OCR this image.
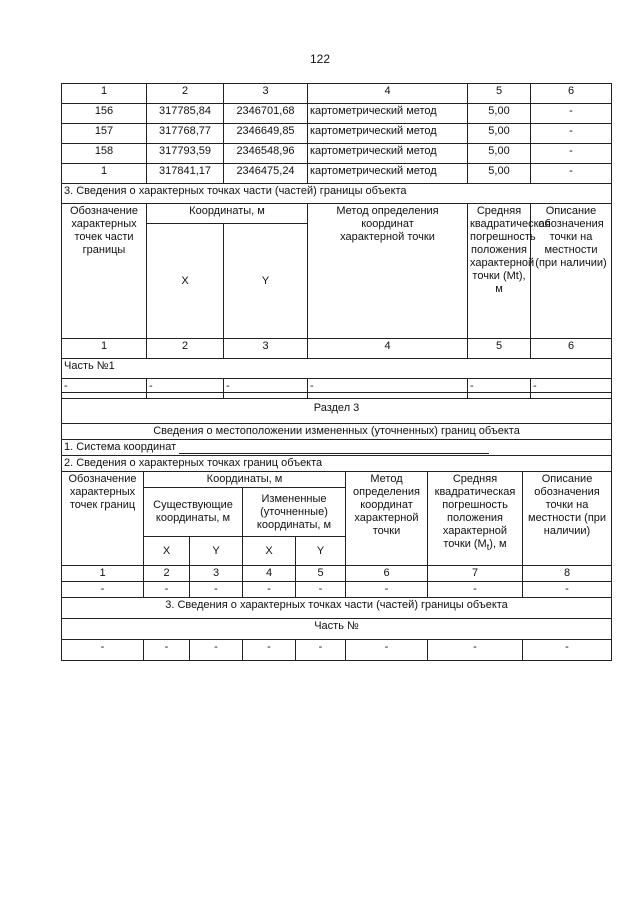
122
1	2	3	4	5	6
156	317785,84	2346701,68	картометрический метод	5,00	-
157	317768,77	2346649,85	картометрический метод	5,00	-
158	317793,59	2346548,96	картометрический метод	5,00	-
1	317841,17	2346475,24	картометрический метод	5,00	-
3. Сведения о характерных точках части (частей) границы объекта					
Обозначение характерных точек части границы	Координаты, м		Метод определения координат характерной точки	Средняя квадратическая погрешность положения характерной точки (Mt), м	Описание обозначения точки на местности (при наличии)
	X	Y			
1	2	3	4	5	6
Часть №1					
-	-	-	-	-	-
Раздел 3							
Сведения о местоположении измененных (уточненных) границ объекта							
1. Система координат							
2. Сведения о характерных точках границ объекта							
Обозначение характерных точек границ	Координаты, м				Метод определения координат характерной точки	Средняя квадратическая погрешность положения характерной точки $(M_t)$, м	Описание обозначения точки на местности (при наличии)
	Существующие координаты, м		Измененные (уточненные) координаты, м				
	X	Y	X	Y			
1	2	3	4	5	6	7	8
-	-	-	-	-	-	-	-
3. Сведения о характерных точках части (частей) границы объекта							
Часть №							
-	-	-	-	-	-	-	-
